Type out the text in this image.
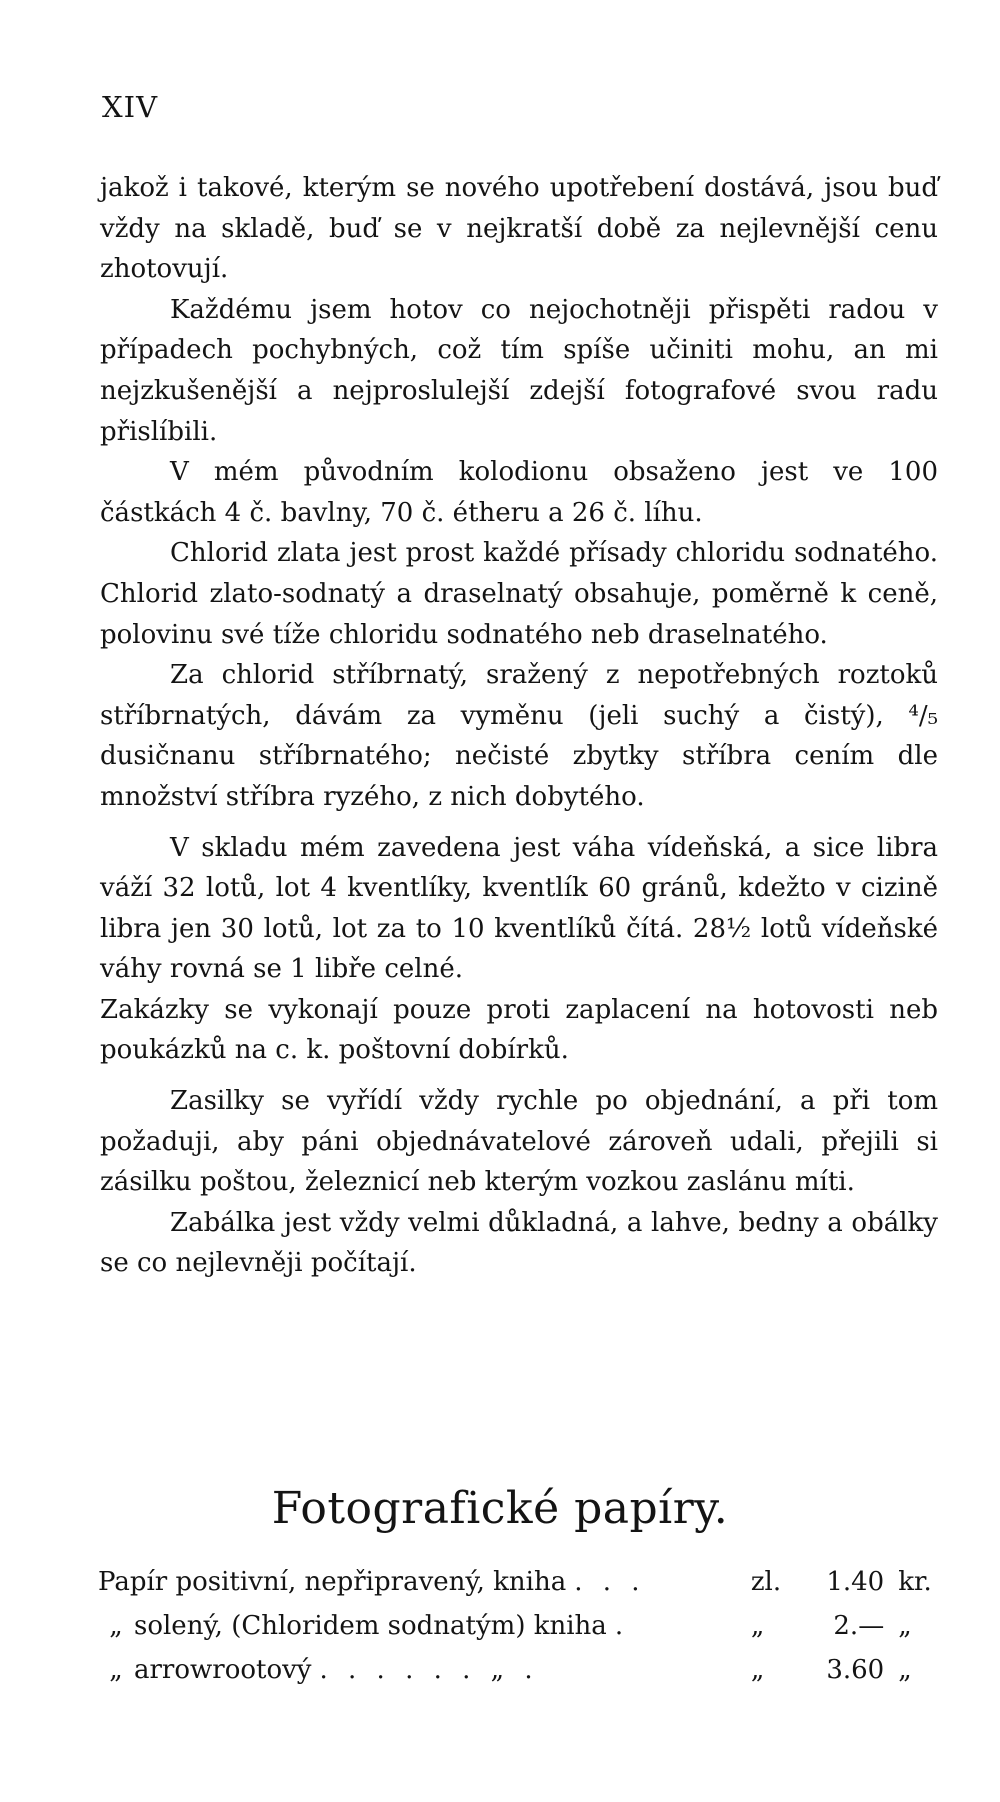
XIV

jakož i takové, kterým se nového upotřebení dostává, jsou buď vždy na skladě, buď se v nejkratší době za nejlevnější cenu zhotovují.

Každému jsem hotov co nejochotněji přispěti radou v případech pochybných, což tím spíše učiniti mohu, an mi nejzkušenější a nejproslulejší zdejší fotografové svou radu přislíbili.

V mém původním kolodionu obsaženo jest ve 100 částkách 4 č. bavlny, 70 č. étheru a 26 č. líhu.

Chlorid zlata jest prost každé přísady chloridu sodnatého. Chlorid zlato-sodnatý a draselnatý obsahuje, poměrně k ceně, polovinu své tíže chloridu sodnatého neb draselnatého.

Za chlorid stříbrnatý, sražený z nepotřebných roztoků stříbrnatých, dávám za vyměnu (jeli suchý a čistý), ⁴/₅ dusičnanu stříbrnatého; nečisté zbytky stříbra cením dle množství stříbra ryzého, z nich dobytého.

V skladu mém zavedena jest váha vídeňská, a sice libra váží 32 lotů, lot 4 kventlíky, kventlík 60 gránů, kdežto v cizině libra jen 30 lotů, lot za to 10 kventlíků čítá. 28½ lotů vídeňské váhy rovná se 1 libře celné.

Zakázky se vykonají pouze proti zaplacení na hotovosti neb poukázků na c. k. poštovní dobírků.

Zasilky se vyřídí vždy rychle po objednání, a při tom požaduji, aby páni objednávatelové zároveň udali, přejili si zásilku poštou, železnicí neb kterým vozkou zaslánu míti.

Zabálka jest vždy velmi důkladná, a lahve, bedny a obálky se co nejlevněji počítají.

Fotografické papíry.
Papír positivní, nepřipravený, kniha . . .	zl.	1.40 kr.
„ solený, (Chloridem sodnatým) kniha .	„	2.— „
„ arrowrootový . . . . . . „ .	„	3.60 „
